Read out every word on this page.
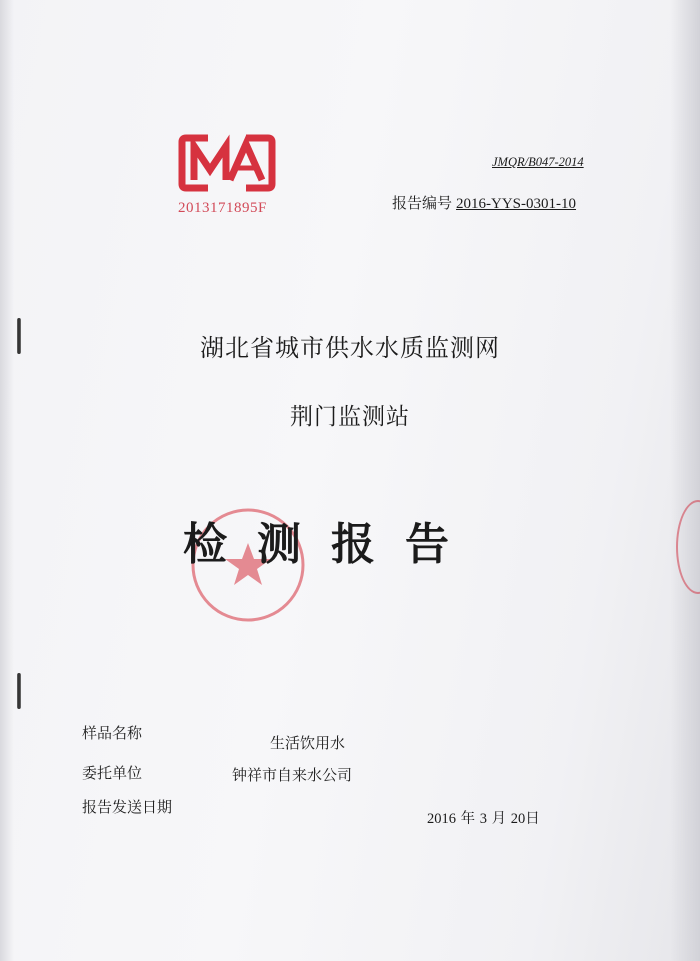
2013171895F
JMQR/B047-2014
报告编号 2016-YYS-0301-10
湖北省城市供水水质监测网
荆门监测站
检测报告
样品名称
生活饮用水
委托单位	钟祥市自来水公司
报告发送日期
2016 年 3 月 20日
